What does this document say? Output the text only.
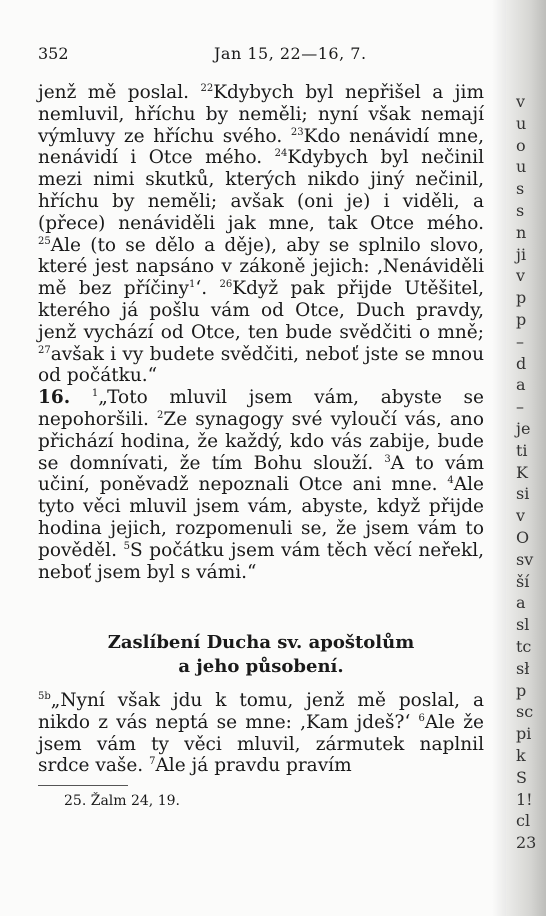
352	Jan 15, 22—16, 7.

jenž mě poslal. $^{22}$Kdybych byl nepřišel a jim nemluvil, hříchu by neměli; nyní však nemají výmluvy ze hříchu svého. $^{23}$Kdo nenávidí mne, nenávidí i Otce mého. $^{24}$Kdybych byl nečinil mezi nimi skutků, kterých nikdo jiný nečinil, hříchu by neměli; avšak (oni je) i viděli, a (přece) nenáviděli jak mne, tak Otce mého. $^{25}$Ale (to se dělo a děje), aby se splnilo slovo, které jest napsáno v zákoně jejich: ‚Nenáviděli mě bez příčiny$^1$‘. $^{26}$Když pak přijde Utěšitel, kterého já pošlu vám od Otce, Duch pravdy, jenž vychází od Otce, ten bude svědčiti o mně; $^{27}$avšak i vy budete svědčiti, neboť jste se mnou od počátku.“

16. $^1$„Toto mluvil jsem vám, abyste se nepohoršili. $^2$Ze synagogy své vyloučí vás, ano přichází hodina, že každý, kdo vás zabije, bude se domnívati, že tím Bohu slouží. $^3$A to vám učiní, poněvadž nepoznali Otce ani mne. $^4$Ale tyto věci mluvil jsem vám, abyste, když přijde hodina jejich, rozpomenuli se, že jsem vám to pověděl. $^5$S počátku jsem vám těch věcí neřekl, neboť jsem byl s vámi.“

Zaslíbení Ducha sv. apoštolům
a jeho působení.

$^{5b}$„Nyní však jdu k tomu, jenž mě poslal, a nikdo z vás neptá se mne: ‚Kam jdeš?‘ $^6$Ale že jsem vám ty věci mluvil, zármutek naplnil srdce vaše. $^7$Ale já pravdu pravím

25. Žalm 24, 19.
v
u
o
u
s
s
n
ji
v
p
p
–
d
a
–
je
ti
K
si
v
O
sv
ší
a
sl
tc
sł
p
sc
pi
k
S
1!
cl
23
